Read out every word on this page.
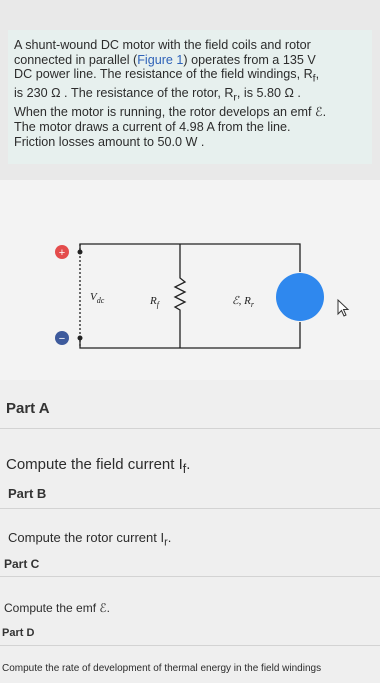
A shunt-wound DC motor with the field coils and rotor
connected in parallel (Figure 1) operates from a 135 V
DC power line. The resistance of the field windings, $R_f$,
is 230 Ω . The resistance of the rotor, $R_r$, is 5.80 Ω .
When the motor is running, the rotor develops an emf ℰ.
The motor draws a current of 4.98 A from the line.
Friction losses amount to 50.0 W .
+
−
$V_{dc}$	$R_f$	ℰ, $R_r$
Part A
Compute the field current $I_f$.
Part B
Compute the rotor current $I_r$.
Part C
Compute the emf ℰ.
Part D
Compute the rate of development of thermal energy in the field windings
